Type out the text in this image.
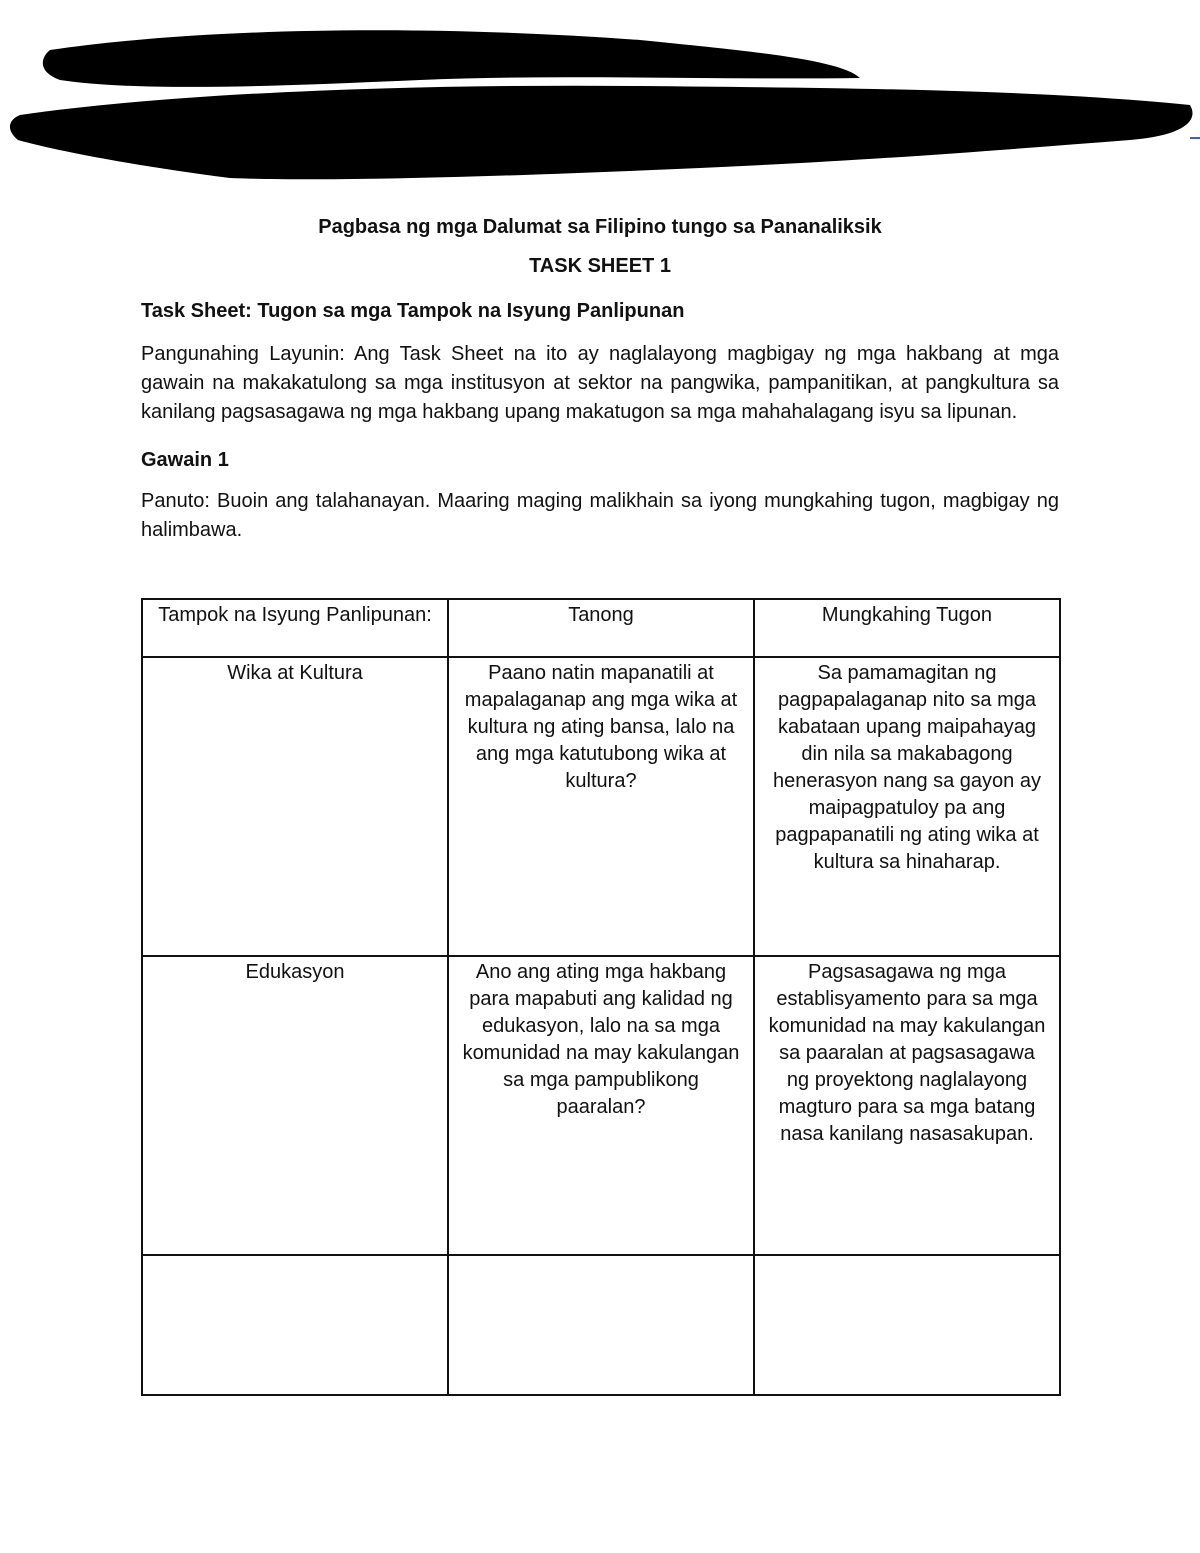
Pagbasa ng mga Dalumat sa Filipino tungo sa Pananaliksik
TASK SHEET 1
Task Sheet: Tugon sa mga Tampok na Isyung Panlipunan

Pangunahing Layunin: Ang Task Sheet na ito ay naglalayong magbigay ng mga hakbang at mga gawain na makakatulong sa mga institusyon at sektor na pangwika, pampanitikan, at pangkultura sa kanilang pagsasagawa ng mga hakbang upang makatugon sa mga mahahalagang isyu sa lipunan.

Gawain 1

Panuto: Buoin ang talahanayan. Maaring maging malikhain sa iyong mungkahing tugon, magbigay ng halimbawa.

Tampok na Isyung Panlipunan:	Tanong	Mungkahing Tugon
Wika at Kultura	Paano natin mapanatili at mapalaganap ang mga wika at kultura ng ating bansa, lalo na ang mga katutubong wika at kultura?	Sa pamamagitan ng pagpapalaganap nito sa mga kabataan upang maipahayag din nila sa makabagong henerasyon nang sa gayon ay maipagpatuloy pa ang pagpapanatili ng ating wika at kultura sa hinaharap.
Edukasyon	Ano ang ating mga hakbang para mapabuti ang kalidad ng edukasyon, lalo na sa mga komunidad na may kakulangan sa mga pampublikong paaralan?	Pagsasagawa ng mga establisyamento para sa mga komunidad na may kakulangan sa paaralan at pagsasagawa ng proyektong naglalayong magturo para sa mga batang nasa kanilang nasasakupan.
